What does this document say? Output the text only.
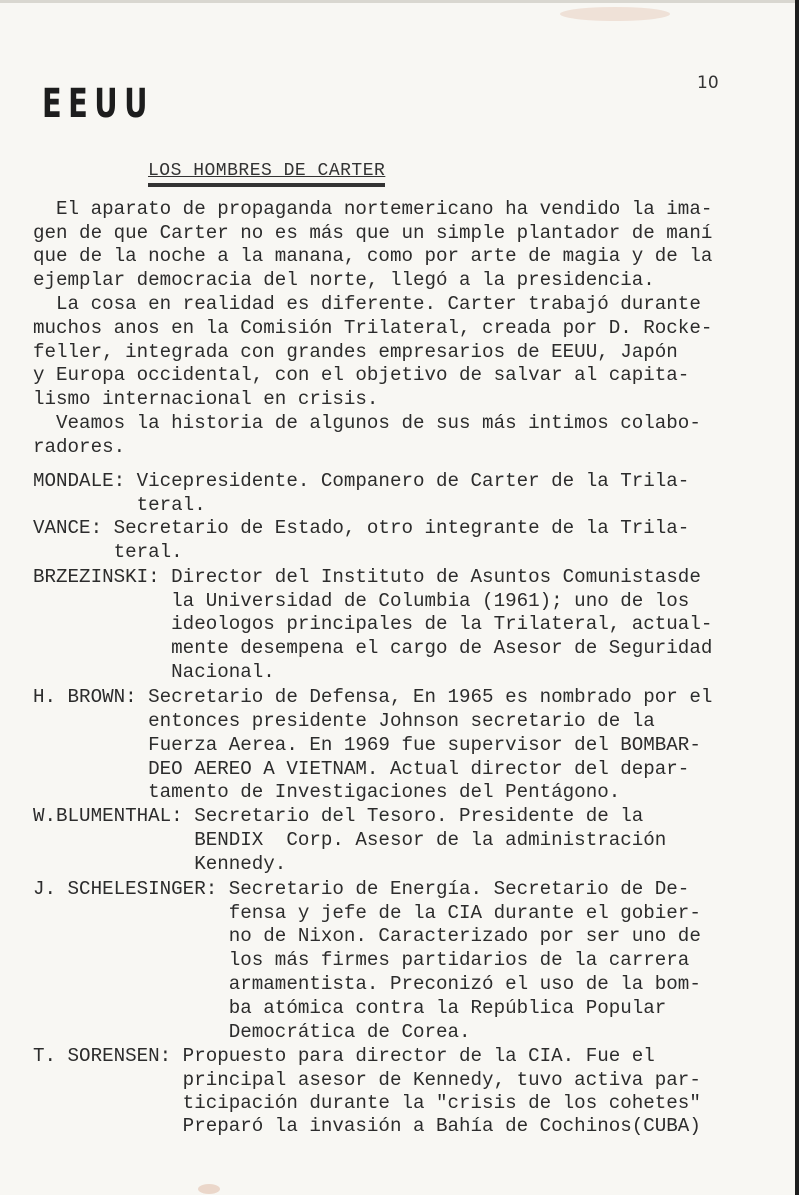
EEUU	10
LOS HOMBRES DE CARTER

El aparato de propaganda nortemericano ha vendido la ima-

gen de que Carter no es más que un simple plantador de maní

que de la noche a la manana, como por arte de magia y de la

ejemplar democracia del norte, llegó a la presidencia.

La cosa en realidad es diferente. Carter trabajó durante

muchos anos en la Comisión Trilateral, creada por D. Rocke-

feller, integrada con grandes empresarios de EEUU, Japón

y Europa occidental, con el objetivo de salvar al capita-

lismo internacional en crisis.

Veamos la historia de algunos de sus más intimos colabo-

radores.

MONDALE: Vicepresidente. Companero de Carter de la Trila-

teral.

VANCE: Secretario de Estado, otro integrante de la Trila-

teral.

BRZEZINSKI: Director del Instituto de Asuntos Comunistasde

la Universidad de Columbia (1961); uno de los

ideologos principales de la Trilateral, actual-

mente desempena el cargo de Asesor de Seguridad

Nacional.

H. BROWN: Secretario de Defensa, En 1965 es nombrado por el

entonces presidente Johnson secretario de la

Fuerza Aerea. En 1969 fue supervisor del BOMBAR-

DEO AEREO A VIETNAM. Actual director del depar-

tamento de Investigaciones del Pentágono.

W.BLUMENTHAL: Secretario del Tesoro. Presidente de la

BENDIX  Corp. Asesor de la administración

Kennedy.

J. SCHELESINGER: Secretario de Energía. Secretario de De-

fensa y jefe de la CIA durante el gobier-

no de Nixon. Caracterizado por ser uno de

los más firmes partidarios de la carrera

armamentista. Preconizó el uso de la bom-

ba atómica contra la República Popular

Democrática de Corea.

T. SORENSEN: Propuesto para director de la CIA. Fue el

principal asesor de Kennedy, tuvo activa par-

ticipación durante la "crisis de los cohetes"

Preparó la invasión a Bahía de Cochinos(CUBA)
